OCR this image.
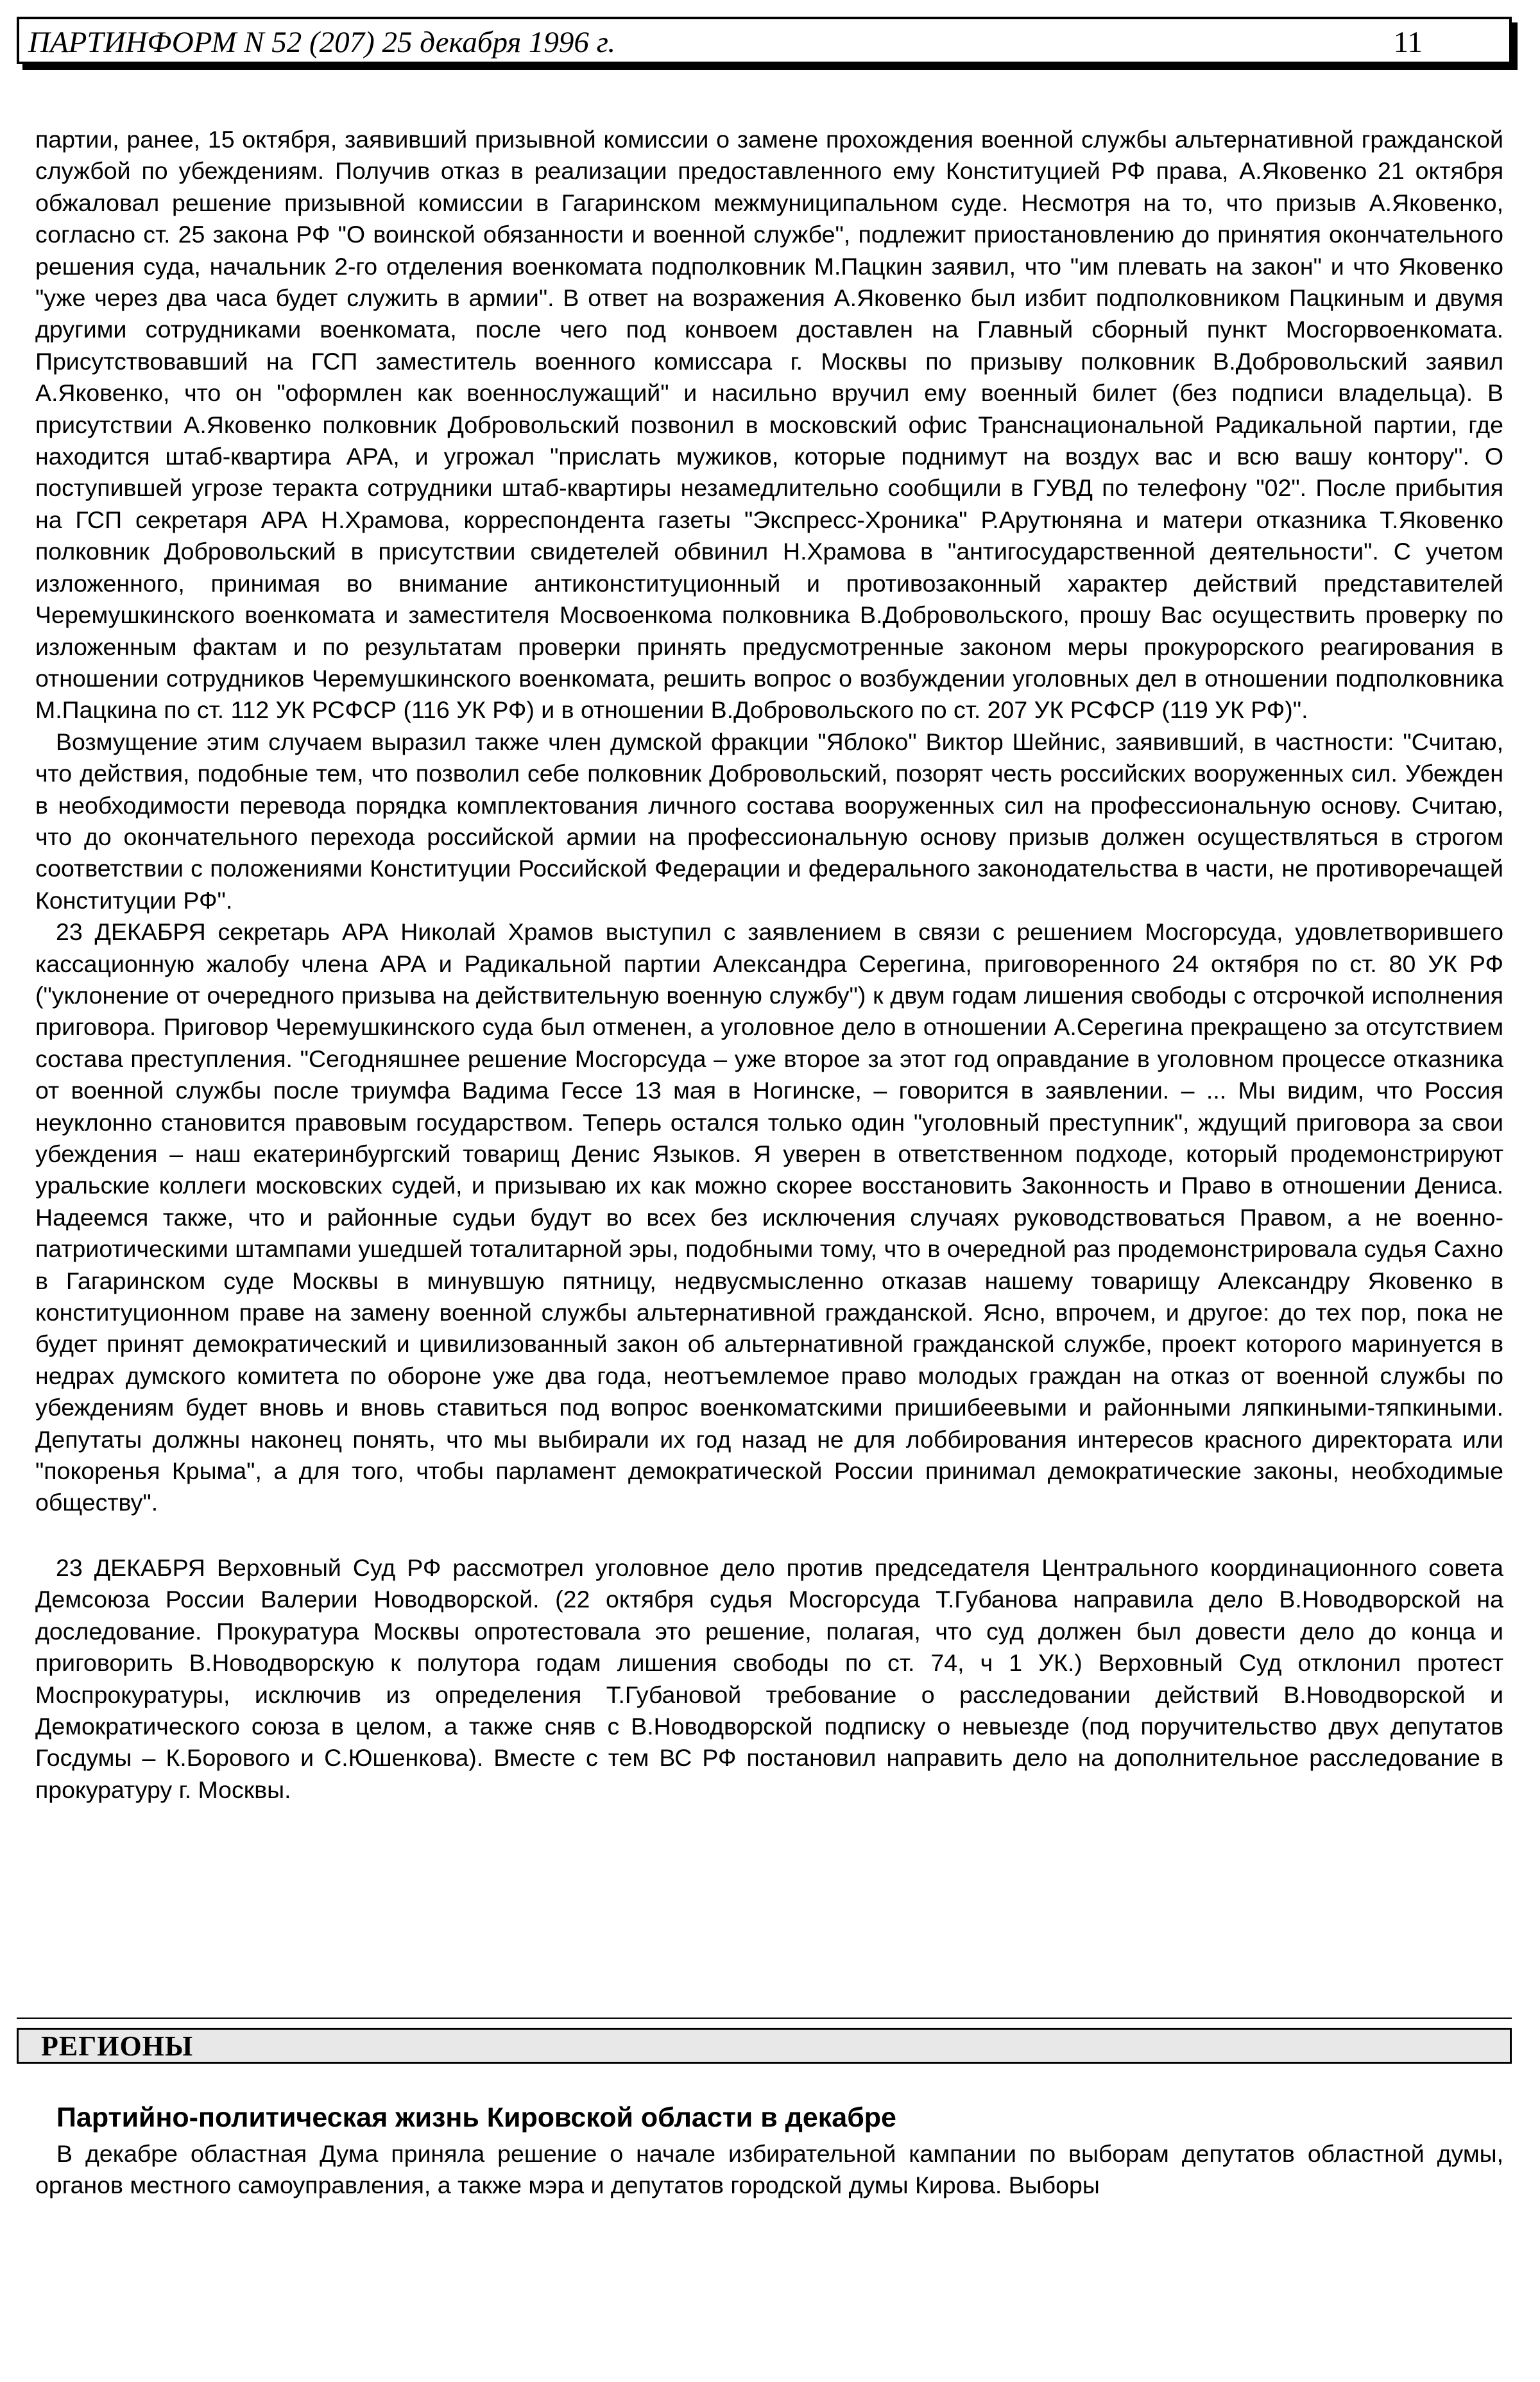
ПАРТИНФОРМ N 52 (207) 25 декабря 1996 г.	11

партии, ранее, 15 октября, заявивший призывной комиссии о замене прохождения военной службы альтернативной гражданской службой по убеждениям. Получив отказ в реализации предоставленного ему Конституцией РФ права, А.Яковенко 21 октября обжаловал решение призывной комиссии в Гагаринском межмуниципальном суде. Несмотря на то, что призыв А.Яковенко, согласно ст. 25 закона РФ "О воинской обязанности и военной службе", подлежит приостановлению до принятия окончательного решения суда, начальник 2-го отделения военкомата подполковник М.Пацкин заявил, что "им плевать на закон" и что Яковенко "уже через два часа будет служить в армии". В ответ на возражения А.Яковенко был избит подполковником Пацкиным и двумя другими сотрудниками военкомата, после чего под конвоем доставлен на Главный сборный пункт Мосгорвоенкомата. Присутствовавший на ГСП заместитель военного комиссара г. Москвы по призыву полковник В.Добровольский заявил А.Яковенко, что он "оформлен как военнослужащий" и насильно вручил ему военный билет (без подписи владельца). В присутствии А.Яковенко полковник Добровольский позвонил в московский офис Транснациональной Радикальной партии, где находится штаб-квартира АРА, и угрожал "прислать мужиков, которые поднимут на воздух вас и всю вашу контору". О поступившей угрозе теракта сотрудники штаб-квартиры незамедлительно сообщили в ГУВД по телефону "02". После прибытия на ГСП секретаря АРА Н.Храмова, корреспондента газеты "Экспресс-Хроника" Р.Арутюняна и матери отказника Т.Яковенко полковник Добровольский в присутствии свидетелей обвинил Н.Храмова в "антигосударственной деятельности". С учетом изложенного, принимая во внимание антиконституционный и противозаконный характер действий представителей Черемушкинского военкомата и заместителя Мосвоенкома полковника В.Добровольского, прошу Вас осуществить проверку по изложенным фактам и по результатам проверки принять предусмотренные законом меры прокурорского реагирования в отношении сотрудников Черемушкинского военкомата, решить вопрос о возбуждении уголовных дел в отношении подполковника М.Пацкина по ст. 112 УК РСФСР (116 УК РФ) и в отношении В.Добровольского по ст. 207 УК РСФСР (119 УК РФ)".

Возмущение этим случаем выразил также член думской фракции "Яблоко" Виктор Шейнис, заявивший, в частности: "Считаю, что действия, подобные тем, что позволил себе полковник Добровольский, позорят честь российских вооруженных сил. Убежден в необходимости перевода порядка комплектования личного состава вооруженных сил на профессиональную основу. Считаю, что до окончательного перехода российской армии на профессиональную основу призыв должен осуществляться в строгом соответствии с положениями Конституции Российской Федерации и федерального законодательства в части, не противоречащей Конституции РФ".

23 ДЕКАБРЯ секретарь АРА Николай Храмов выступил с заявлением в связи с решением Мосгорсуда, удовлетворившего кассационную жалобу члена АРА и Радикальной партии Александра Серегина, приговоренного 24 октября по ст. 80 УК РФ ("уклонение от очередного призыва на действительную военную службу") к двум годам лишения свободы с отсрочкой исполнения приговора. Приговор Черемушкинского суда был отменен, а уголовное дело в отношении А.Серегина прекращено за отсутствием состава преступления. "Сегодняшнее решение Мосгорсуда – уже второе за этот год оправдание в уголовном процессе отказника от военной службы после триумфа Вадима Гессе 13 мая в Ногинске, – говорится в заявлении. – ... Мы видим, что Россия неуклонно становится правовым государством. Теперь остался только один "уголовный преступник", ждущий приговора за свои убеждения – наш екатеринбургский товарищ Денис Языков. Я уверен в ответственном подходе, который продемонстрируют уральские коллеги московских судей, и призываю их как можно скорее восстановить Законность и Право в отношении Дениса. Надеемся также, что и районные судьи будут во всех без исключения случаях руководствоваться Правом, а не военно-патриотическими штампами ушедшей тоталитарной эры, подобными тому, что в очередной раз продемонстрировала судья Сахно в Гагаринском суде Москвы в минувшую пятницу, недвусмысленно отказав нашему товарищу Александру Яковенко в конституционном праве на замену военной службы альтернативной гражданской. Ясно, впрочем, и другое: до тех пор, пока не будет принят демократический и цивилизованный закон об альтернативной гражданской службе, проект которого маринуется в недрах думского комитета по обороне уже два года, неотъемлемое право молодых граждан на отказ от военной службы по убеждениям будет вновь и вновь ставиться под вопрос военкоматскими пришибеевыми и районными ляпкиными-тяпкиными. Депутаты должны наконец понять, что мы выбирали их год назад не для лоббирования интересов красного директората или "покоренья Крыма", а для того, чтобы парламент демократической России принимал демократические законы, необходимые обществу".

23 ДЕКАБРЯ Верховный Суд РФ рассмотрел уголовное дело против председателя Центрального координационного совета Демсоюза России Валерии Новодворской. (22 октября судья Мосгорсуда Т.Губанова направила дело В.Новодворской на доследование. Прокуратура Москвы опротестовала это решение, полагая, что суд должен был довести дело до конца и приговорить В.Новодворскую к полутора годам лишения свободы по ст. 74, ч 1 УК.) Верховный Суд отклонил протест Моспрокуратуры, исключив из определения Т.Губановой требование о расследовании действий В.Новодворской и Демократического союза в целом, а также сняв с В.Новодворской подписку о невыезде (под поручительство двух депутатов Госдумы – К.Борового и С.Юшенкова). Вместе с тем ВС РФ постановил направить дело на дополнительное расследование в прокуратуру г. Москвы.

РЕГИОНЫ

Партийно-политическая жизнь Кировской области в декабре

В декабре областная Дума приняла решение о начале избирательной кампании по выборам депутатов областной думы, органов местного самоуправления, а также мэра и депутатов городской думы Кирова. Выборы
